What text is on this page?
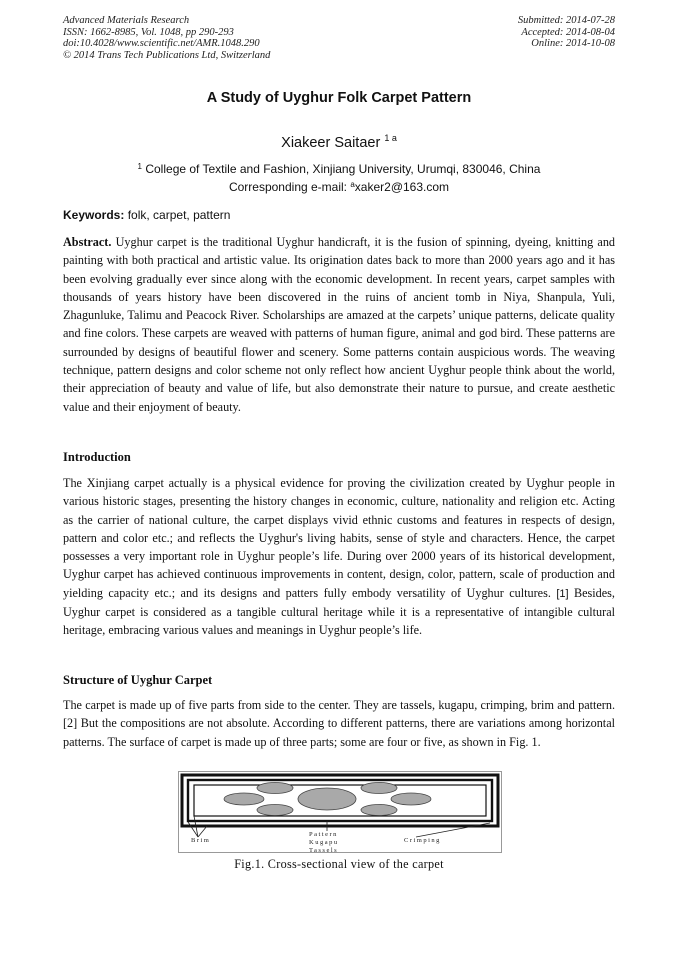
Advanced Materials Research
ISSN: 1662-8985, Vol. 1048, pp 290-293
doi:10.4028/www.scientific.net/AMR.1048.290
© 2014 Trans Tech Publications Ltd, Switzerland
Submitted: 2014-07-28
Accepted: 2014-08-04
Online: 2014-10-08
A Study of Uyghur Folk Carpet Pattern
Xiakeer Saitaer $^{1 a}$
$^1$ College of Textile and Fashion, Xinjiang University, Urumqi, 830046, China
Corresponding e-mail: $^a$xaker2@163.com
Keywords: folk, carpet, pattern
Abstract. Uyghur carpet is the traditional Uyghur handicraft, it is the fusion of spinning, dyeing, knitting and painting with both practical and artistic value. Its origination dates back to more than 2000 years ago and it has been evolving gradually ever since along with the economic development. In recent years, carpet samples with thousands of years history have been discovered in the ruins of ancient tomb in Niya, Shanpula, Yuli, Zhagunluke, Talimu and Peacock River. Scholarships are amazed at the carpets’ unique patterns, delicate quality and fine colors. These carpets are weaved with patterns of human figure, animal and god bird. These patterns are surrounded by designs of beautiful flower and scenery. Some patterns contain auspicious words. The weaving technique, pattern designs and color scheme not only reflect how ancient Uyghur people think about the world, their appreciation of beauty and value of life, but also demonstrate their nature to pursue, and create aesthetic value and their enjoyment of beauty.
Introduction
The Xinjiang carpet actually is a physical evidence for proving the civilization created by Uyghur people in various historic stages, presenting the history changes in economic, culture, nationality and religion etc. Acting as the carrier of national culture, the carpet displays vivid ethnic customs and features in respects of design, pattern and color etc.; and reflects the Uyghur's living habits, sense of style and characters. Hence, the carpet possesses a very important role in Uyghur people’s life. During over 2000 years of its historical development, Uyghur carpet has achieved continuous improvements in content, design, color, pattern, scale of production and yielding capacity etc.; and its designs and patters fully embody versatility of Uyghur cultures. [1] Besides, Uyghur carpet is considered as a tangible cultural heritage while it is a representative of intangible cultural heritage, embracing various values and meanings in Uyghur people’s life.
Structure of Uyghur Carpet
The carpet is made up of five parts from side to the center. They are tassels, kugapu, crimping, brim and pattern.[2] But the compositions are not absolute. According to different patterns, there are variations among horizontal patterns. The surface of carpet is made up of three parts; some are four or five, as shown in Fig. 1.
Brim
Pattern
Kugapu
Tassels
Crimping
Fig.1. Cross-sectional view of the carpet
